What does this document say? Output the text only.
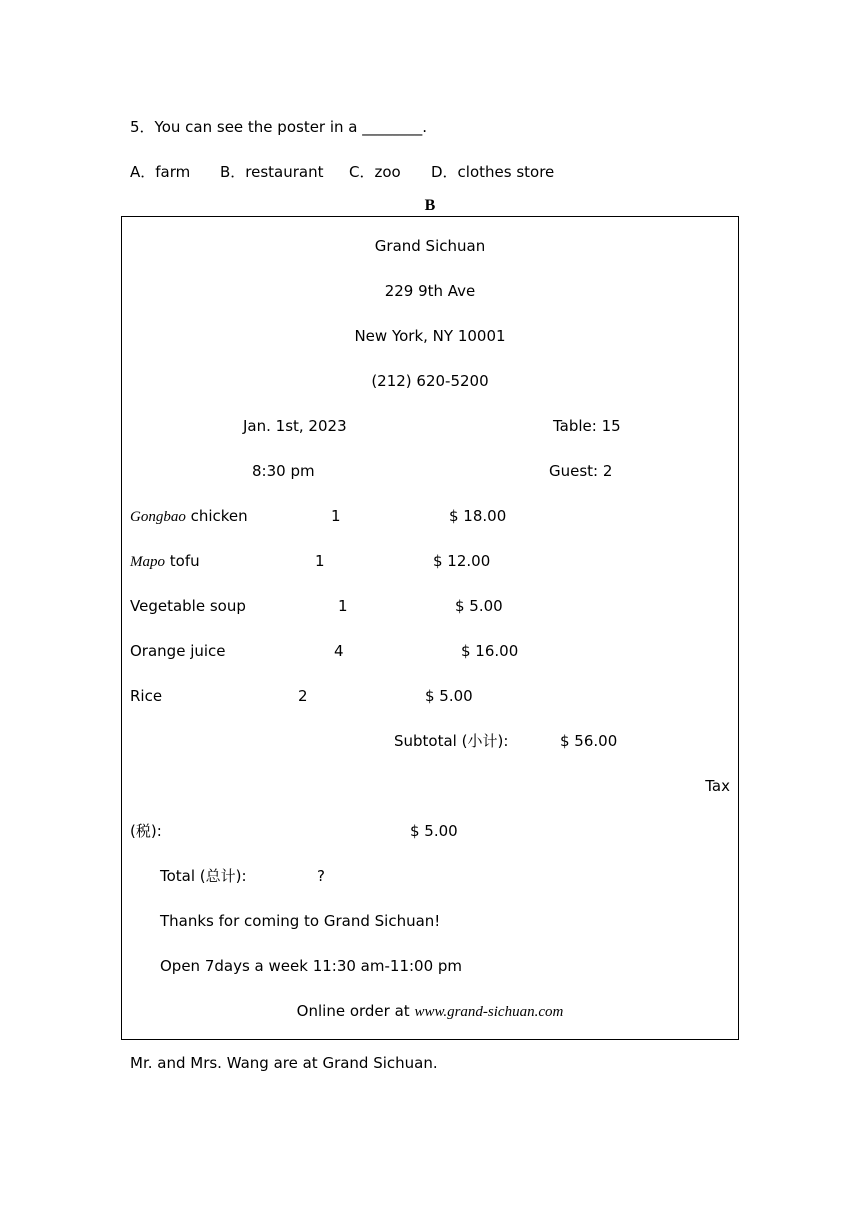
5．You can see the poster in a ________.
A．farm B．restaurant C．zoo D．clothes store
B
Grand Sichuan
229 9th Ave
New York, NY 10001
(212) 620-5200
Jan. 1st, 2023	Table: 15
8:30 pm	Guest: 2
Gongbao chicken	1	$ 18.00
Mapo tofu	1	$ 12.00
Vegetable soup	1	$ 5.00
Orange juice	4	$ 16.00
Rice	2	$ 5.00
Subtotal (小计):	$ 56.00
Tax
(税):	$ 5.00
Total (总计):	?
Thanks for coming to Grand Sichuan!
Open 7days a week 11:30 am-11:00 pm
Online order at www.grand-sichuan.com
Mr. and Mrs. Wang are at Grand Sichuan.
